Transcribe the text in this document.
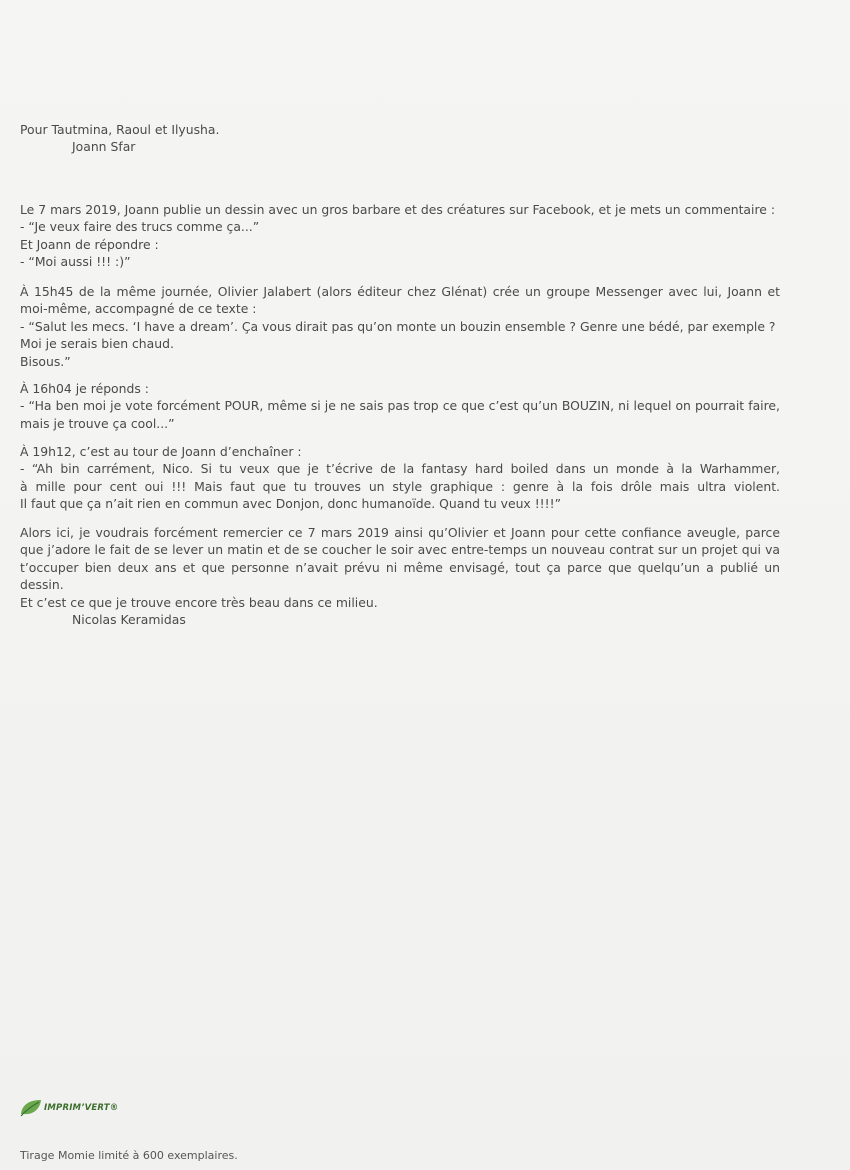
Pour Tautmina, Raoul et Ilyusha.
Joann Sfar
Le 7 mars 2019, Joann publie un dessin avec un gros barbare et des créatures sur Facebook, et je mets un commentaire :
- “Je veux faire des trucs comme ça...”
Et Joann de répondre :
- “Moi aussi !!! :)”
À 15h45 de la même journée, Olivier Jalabert (alors éditeur chez Glénat) crée un groupe Messenger avec lui, Joann et
moi-même, accompagné de ce texte :
- “Salut les mecs. ‘I have a dream’. Ça vous dirait pas qu’on monte un bouzin ensemble ? Genre une bédé, par exemple ?
Moi je serais bien chaud.
Bisous.”
À 16h04 je réponds :
- “Ha ben moi je vote forcément POUR, même si je ne sais pas trop ce que c’est qu’un BOUZIN, ni lequel on pourrait faire,
mais je trouve ça cool...”
À 19h12, c’est au tour de Joann d’enchaîner :
- “Ah bin carrément, Nico. Si tu veux que je t’écrive de la fantasy hard boiled dans un monde à la Warhammer,
à mille pour cent oui !!! Mais faut que tu trouves un style graphique : genre à la fois drôle mais ultra violent.
Il faut que ça n’ait rien en commun avec Donjon, donc humanoïde. Quand tu veux !!!!”
Alors ici, je voudrais forcément remercier ce 7 mars 2019 ainsi qu’Olivier et Joann pour cette confiance aveugle, parce
que j’adore le fait de se lever un matin et de se coucher le soir avec entre-temps un nouveau contrat sur un projet qui va
t’occuper bien deux ans et que personne n’avait prévu ni même envisagé, tout ça parce que quelqu’un a publié un dessin.
Et c’est ce que je trouve encore très beau dans ce milieu.
Nicolas Keramidas
IMPRIM’VERT®
Tirage Momie limité à 600 exemplaires.
